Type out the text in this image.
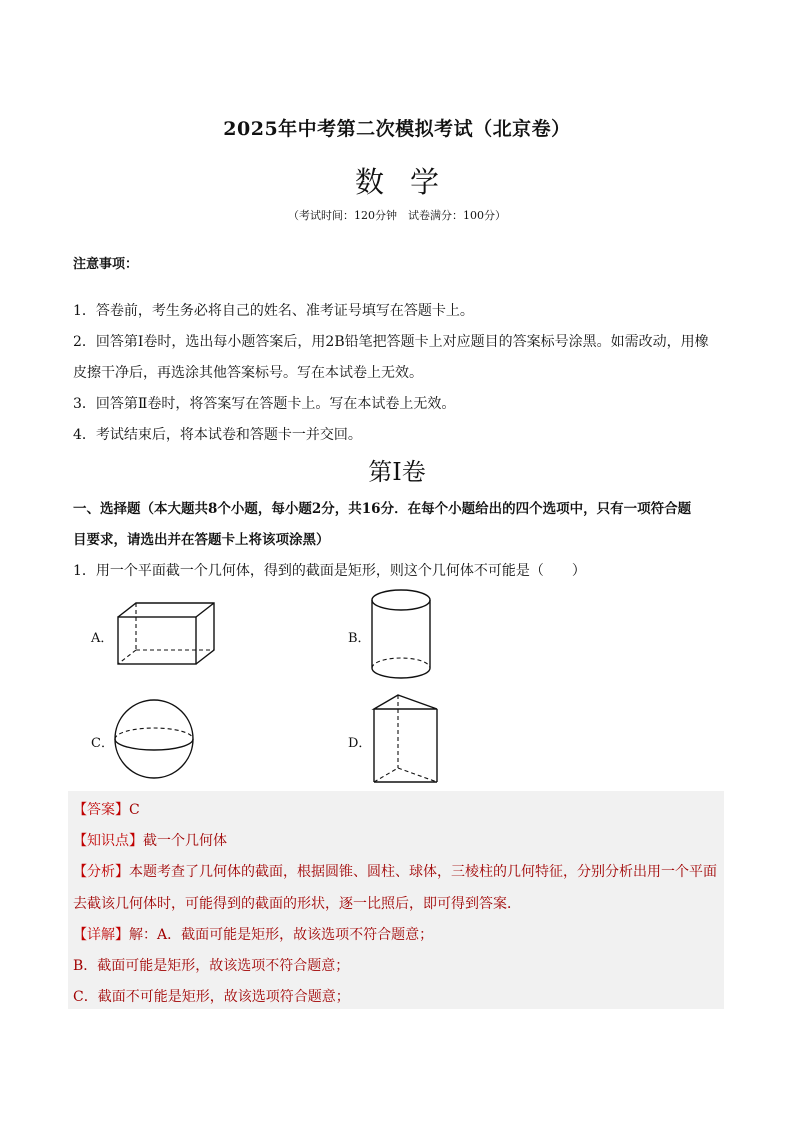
2025年中考第二次模拟考试（北京卷）
数学
（考试时间：120分钟　试卷满分：100分）
注意事项：
1．答卷前，考生务必将自己的姓名、准考证号填写在答题卡上。
2．回答第Ⅰ卷时，选出每小题答案后，用2B铅笔把答题卡上对应题目的答案标号涂黑。如需改动，用橡
皮擦干净后，再选涂其他答案标号。写在本试卷上无效。
3．回答第Ⅱ卷时，将答案写在答题卡上。写在本试卷上无效。
4．考试结束后，将本试卷和答题卡一并交回。
第Ⅰ卷
一、选择题（本大题共8个小题，每小题2分，共16分．在每个小题给出的四个选项中，只有一项符合题
目要求，请选出并在答题卡上将该项涂黑）
1．用一个平面截一个几何体，得到的截面是矩形，则这个几何体不可能是（　　）
A．	B．
C．	D．
【答案】C
【知识点】截一个几何体
【分析】本题考查了几何体的截面，根据圆锥、圆柱、球体，三棱柱的几何特征，分别分析出用一个平面
去截该几何体时，可能得到的截面的形状，逐一比照后，即可得到答案．
【详解】解：A．截面可能是矩形，故该选项不符合题意；
B．截面可能是矩形，故该选项不符合题意；
C．截面不可能是矩形，故该选项符合题意；
